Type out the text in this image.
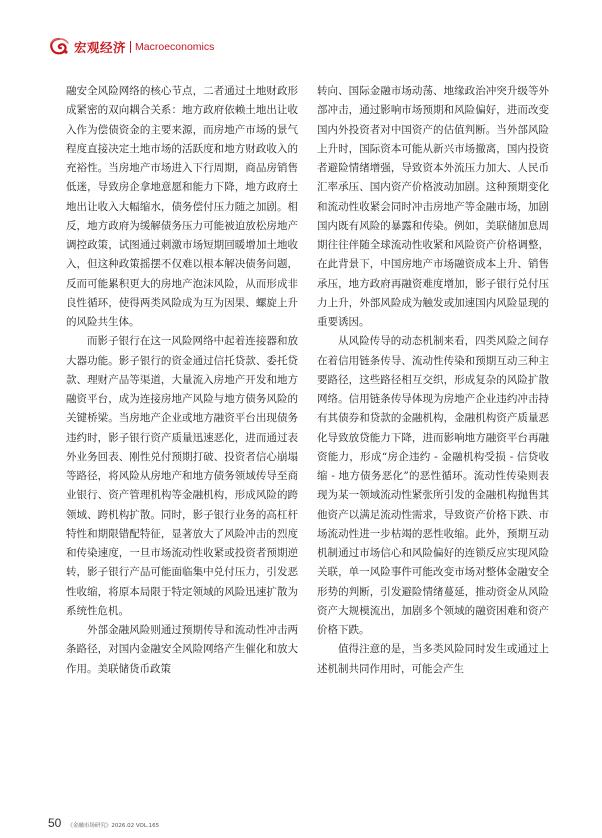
宏观经济 Macroeconomics

融安全风险网络的核心节点，二者通过土地财政形成紧密的双向耦合关系：地方政府依赖土地出让收入作为偿债资金的主要来源，而房地产市场的景气程度直接决定土地市场的活跃度和地方财政收入的充裕性。当房地产市场进入下行周期，商品房销售低迷，导致房企拿地意愿和能力下降，地方政府土地出让收入大幅缩水，债务偿付压力随之加剧。相反，地方政府为缓解债务压力可能被迫放松房地产调控政策，试图通过刺激市场短期回暖增加土地收入，但这种政策摇摆不仅难以根本解决债务问题，反而可能累积更大的房地产泡沫风险，从而形成非良性循环，使得两类风险成为互为因果、螺旋上升的风险共生体。

而影子银行在这一风险网络中起着连接器和放大器功能。影子银行的资金通过信托贷款、委托贷款、理财产品等渠道，大量流入房地产开发和地方融资平台，成为连接房地产风险与地方债务风险的关键桥梁。当房地产企业或地方融资平台出现债务违约时，影子银行资产质量迅速恶化，进而通过表外业务回表、刚性兑付预期打破、投资者信心崩塌等路径，将风险从房地产和地方债务领域传导至商业银行、资产管理机构等金融机构，形成风险的跨领域、跨机构扩散。同时，影子银行业务的高杠杆特性和期限错配特征，显著放大了风险冲击的烈度和传染速度，一旦市场流动性收紧或投资者预期逆转，影子银行产品可能面临集中兑付压力，引发恶性收缩，将原本局限于特定领域的风险迅速扩散为系统性危机。

外部金融风险则通过预期传导和流动性冲击两条路径，对国内金融安全风险网络产生催化和放大作用。美联储货币政策

转向、国际金融市场动荡、地缘政治冲突升级等外部冲击，通过影响市场预期和风险偏好，进而改变国内外投资者对中国资产的估值判断。当外部风险上升时，国际资本可能从新兴市场撤离，国内投资者避险情绪增强，导致资本外流压力加大、人民币汇率承压、国内资产价格波动加剧。这种预期变化和流动性收紧会同时冲击房地产等金融市场，加剧国内既有风险的暴露和传染。例如，美联储加息周期往往伴随全球流动性收紧和风险资产价格调整，在此背景下，中国房地产市场融资成本上升、销售承压，地方政府再融资难度增加，影子银行兑付压力上升，外部风险成为触发或加速国内风险显现的重要诱因。

从风险传导的动态机制来看，四类风险之间存在着信用链条传导、流动性传染和预期互动三种主要路径，这些路径相互交织，形成复杂的风险扩散网络。信用链条传导体现为房地产企业违约冲击持有其债券和贷款的金融机构，金融机构资产质量恶化导致放贷能力下降，进而影响地方融资平台再融资能力，形成“房企违约 - 金融机构受损 - 信贷收缩 - 地方债务恶化”的恶性循环。流动性传染则表现为某一领域流动性紧张所引发的金融机构抛售其他资产以满足流动性需求，导致资产价格下跌、市场流动性进一步枯竭的恶性收缩。此外，预期互动机制通过市场信心和风险偏好的连锁反应实现风险关联，单一风险事件可能改变市场对整体金融安全形势的判断，引发避险情绪蔓延，推动资金从风险资产大规模流出，加剧多个领域的融资困难和资产价格下跌。

值得注意的是，当多类风险同时发生或通过上述机制共同作用时，可能会产生

50 《金融市场研究》2026.02 VOL.165
